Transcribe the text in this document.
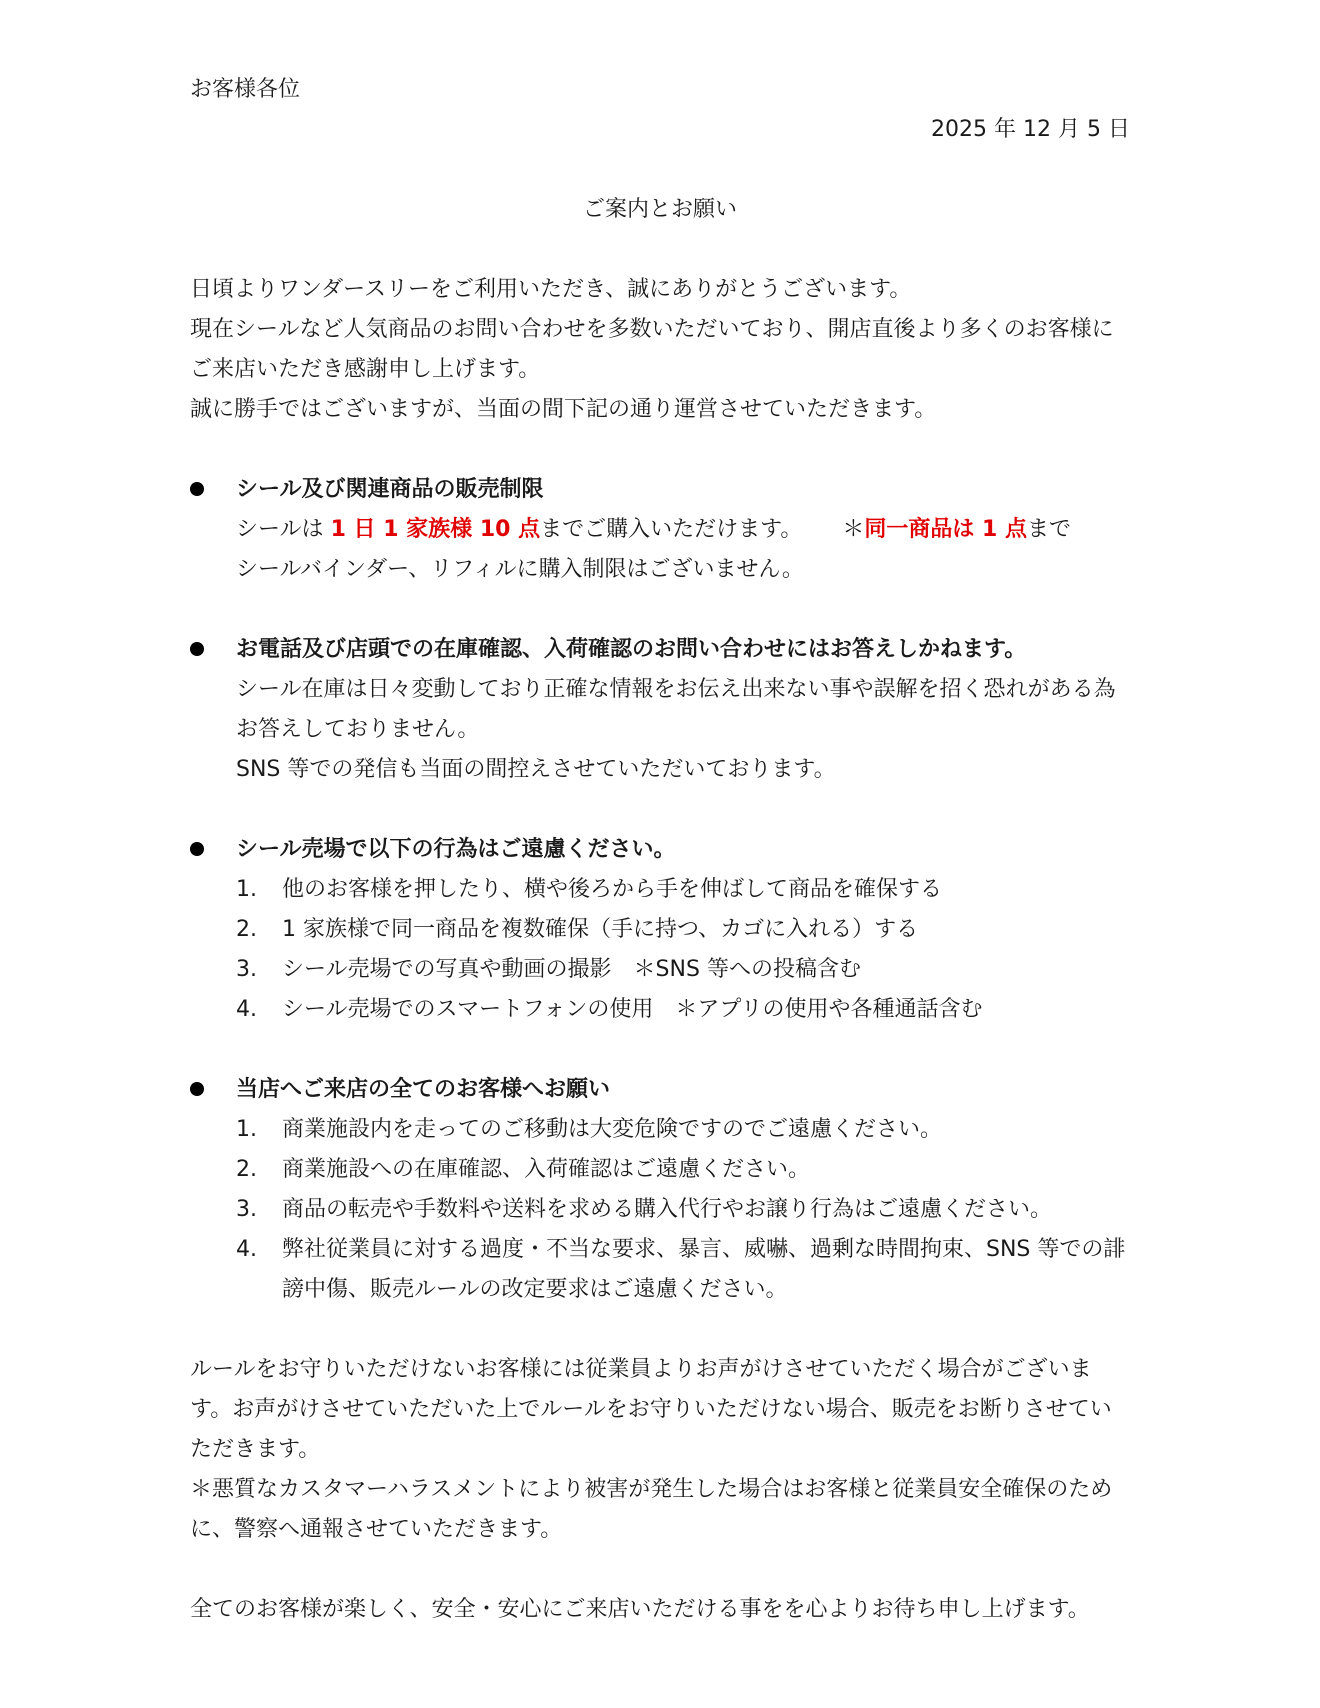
お客様各位
2025 年 12 月 5 日
ご案内とお願い
日頃よりワンダースリーをご利用いただき、誠にありがとうございます。
現在シールなど人気商品のお問い合わせを多数いただいており、開店直後より多くのお客様にご来店いただき感謝申し上げます。
誠に勝手ではございますが、当面の間下記の通り運営させていただきます。
シール及び関連商品の販売制限
シールは 1 日 1 家族様 10 点までご購入いただけます。 ＊同一商品は 1 点まで
シールバインダー、リフィルに購入制限はございません。
お電話及び店頭での在庫確認、入荷確認のお問い合わせにはお答えしかねます。
シール在庫は日々変動しており正確な情報をお伝え出来ない事や誤解を招く恐れがある為お答えしておりません。
SNS 等での発信も当面の間控えさせていただいております。
シール売場で以下の行為はご遠慮ください。
1. 他のお客様を押したり、横や後ろから手を伸ばして商品を確保する
2. 1 家族様で同一商品を複数確保（手に持つ、カゴに入れる）する
3. シール売場での写真や動画の撮影　＊SNS 等への投稿含む
4. シール売場でのスマートフォンの使用　＊アプリの使用や各種通話含む
当店へご来店の全てのお客様へお願い
1. 商業施設内を走ってのご移動は大変危険ですのでご遠慮ください。
2. 商業施設への在庫確認、入荷確認はご遠慮ください。
3. 商品の転売や手数料や送料を求める購入代行やお譲り行為はご遠慮ください。
4. 弊社従業員に対する過度・不当な要求、暴言、威嚇、過剰な時間拘束、SNS 等での誹謗中傷、販売ルールの改定要求はご遠慮ください。
ルールをお守りいただけないお客様には従業員よりお声がけさせていただく場合がございます。お声がけさせていただいた上でルールをお守りいただけない場合、販売をお断りさせていただきます。
＊悪質なカスタマーハラスメントにより被害が発生した場合はお客様と従業員安全確保のために、警察へ通報させていただきます。
全てのお客様が楽しく、安全・安心にご来店いただける事をを心よりお待ち申し上げます。
